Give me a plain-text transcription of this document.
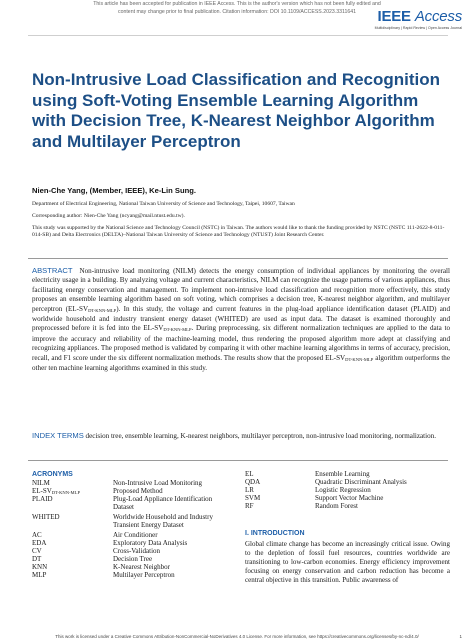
This article has been accepted for publication in IEEE Access. This is the author's version which has not been fully edited and
content may change prior to final publication. Citation information: DOI 10.1109/ACCESS.2023.3311641	IEEE Access
Multidisciplinary | Rapid Review | Open Access Journal
Non-Intrusive Load Classification and Recognition using Soft-Voting Ensemble Learning Algorithm with Decision Tree, K-Nearest Neighbor Algorithm and Multilayer Perceptron

Nien-Che Yang, (Member, IEEE), Ke-Lin Sung.

Department of Electrical Engineering, National Taiwan University of Science and Technology, Taipei, 10607, Taiwan

Corresponding author: Nien-Che Yang (ncyang@mail.ntust.edu.tw).

This study was supported by the National Science and Technology Council (NSTC) in Taiwan. The authors would like to thank the funding provided by NSTC (NSTC 111-2622-8-011-014-SB) and Delta Electronics (DELTA)–National Taiwan University of Science and Technology (NTUST) Joint Research Center.

ABSTRACT Non-intrusive load monitoring (NILM) detects the energy consumption of individual appliances by monitoring the overall electricity usage in a building. By analyzing voltage and current characteristics, NILM can recognize the usage patterns of various appliances, thus facilitating energy conservation and management. To implement non-intrusive load classification and recognition more effectively, this study proposes an ensemble learning algorithm based on soft voting, which comprises a decision tree, K-nearest neighbor algorithm, and multilayer perceptron $(EL-SV_{DT-KNN-MLP})$. In this study, the voltage and current features in the plug-load appliance identification dataset (PLAID) and worldwide household and industry transient energy dataset (WHITED) are used as input data. The dataset is examined thoroughly and preprocessed before it is fed into the $EL-SV_{DT-KNN-MLP}$. During preprocessing, six different normalization techniques are applied to the data to improve the accuracy and reliability of the machine-learning model, thus rendering the proposed algorithm more adept at classifying and recognizing appliances. The proposed method is validated by comparing it with other machine learning algorithms in terms of accuracy, precision, recall, and F1 score under the six different normalization methods. The results show that the proposed $EL-SV_{DT-KNN-MLP}$ algorithm outperforms the other ten machine learning algorithms examined in this study.

INDEX TERMS decision tree, ensemble learning, K-nearest neighbors, multilayer perceptron, non-intrusive load monitoring, normalization.

ACRONYMS

NILM	Non-Intrusive Load Monitoring
$EL-SV_{DT-KNN-MLP}$	Proposed Method
PLAID	Plug-Load Appliance Identification
Dataset
WHITED	Worldwide Household and Industry
Transient Energy Dataset
AC	Air Conditioner
EDA	Exploratory Data Analysis
CV	Cross-Validation
DT	Decision Tree
KNN	K-Nearest Neighbor
MLP	Multilayer Perceptron
EL	Ensemble Learning
QDA	Quadratic Discriminant Analysis
LR	Logistic Regression
SVM	Support Vector Machine
RF	Random Forest

I. INTRODUCTION

Global climate change has become an increasingly critical issue. Owing to the depletion of fossil fuel resources, countries worldwide are transitioning to low-carbon economies. Energy efficiency improvement focusing on energy conservation and carbon reduction has become a central objective in this transition. Public awareness of

This work is licensed under a Creative Commons Attribution-NonCommercial-NoDerivatives 4.0 License. For more information, see https://creativecommons.org/licenses/by-nc-nd/4.0/	1
